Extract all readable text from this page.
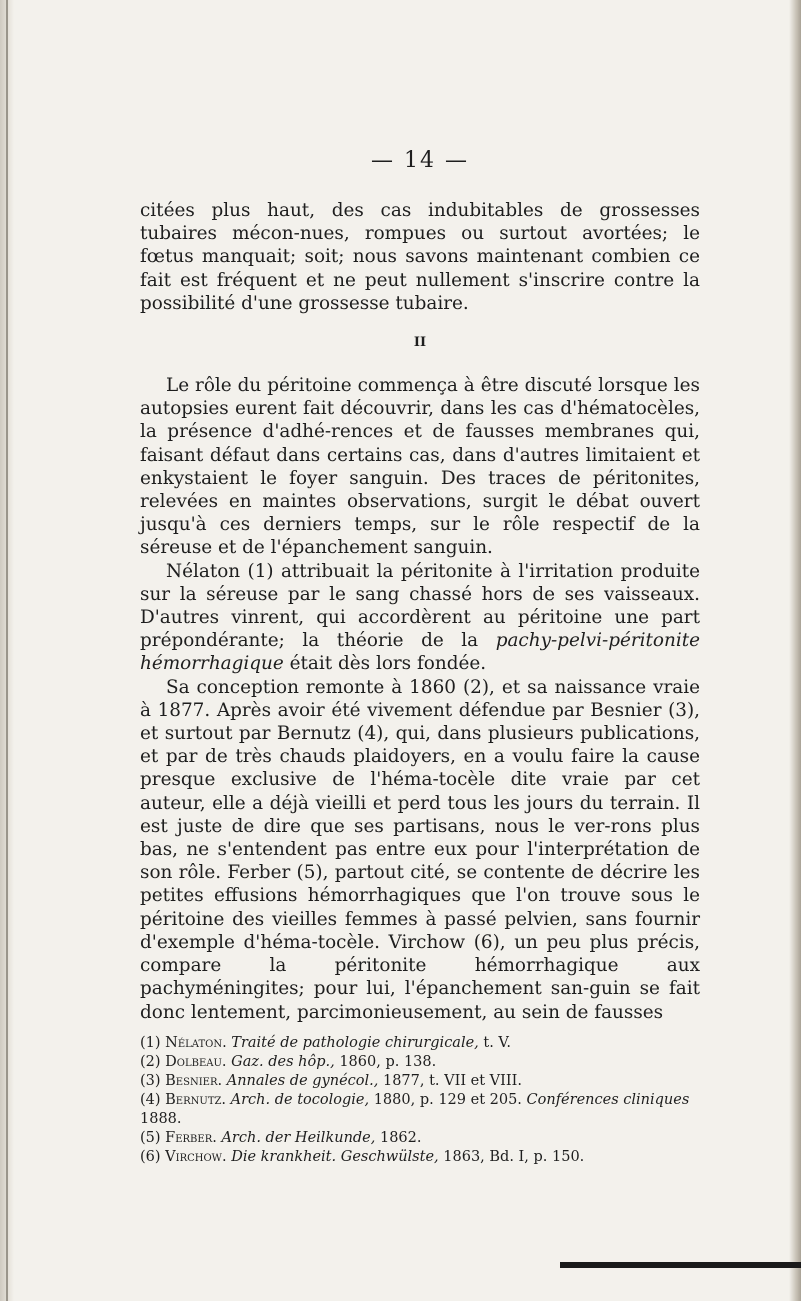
— 14 —

citées plus haut, des cas indubitables de grossesses tubaires mécon-nues, rompues ou surtout avortées; le fœtus manquait; soit; nous savons maintenant combien ce fait est fréquent et ne peut nullement s'inscrire contre la possibilité d'une grossesse tubaire.

II

Le rôle du péritoine commença à être discuté lorsque les autopsies eurent fait découvrir, dans les cas d'hématocèles, la présence d'adhé-rences et de fausses membranes qui, faisant défaut dans certains cas, dans d'autres limitaient et enkystaient le foyer sanguin. Des traces de péritonites, relevées en maintes observations, surgit le débat ouvert jusqu'à ces derniers temps, sur le rôle respectif de la séreuse et de l'épanchement sanguin.

Nélaton (1) attribuait la péritonite à l'irritation produite sur la séreuse par le sang chassé hors de ses vaisseaux. D'autres vinrent, qui accordèrent au péritoine une part prépondérante; la théorie de la pachy-pelvi-péritonite hémorrhagique était dès lors fondée.

Sa conception remonte à 1860 (2), et sa naissance vraie à 1877. Après avoir été vivement défendue par Besnier (3), et surtout par Bernutz (4), qui, dans plusieurs publications, et par de très chauds plaidoyers, en a voulu faire la cause presque exclusive de l'héma-tocèle dite vraie par cet auteur, elle a déjà vieilli et perd tous les jours du terrain. Il est juste de dire que ses partisans, nous le ver-rons plus bas, ne s'entendent pas entre eux pour l'interprétation de son rôle. Ferber (5), partout cité, se contente de décrire les petites effusions hémorrhagiques que l'on trouve sous le péritoine des vieilles femmes à passé pelvien, sans fournir d'exemple d'héma-tocèle. Virchow (6), un peu plus précis, compare la péritonite hémorrhagique aux pachyméningites; pour lui, l'épanchement san-guin se fait donc lentement, parcimonieusement, au sein de fausses

(1) Nélaton. Traité de pathologie chirurgicale, t. V.

(2) Dolbeau. Gaz. des hôp., 1860, p. 138.

(3) Besnier. Annales de gynécol., 1877, t. VII et VIII.

(4) Bernutz. Arch. de tocologie, 1880, p. 129 et 205. Conférences cliniques 1888.

(5) Ferber. Arch. der Heilkunde, 1862.

(6) Virchow. Die krankheit. Geschwülste, 1863, Bd. I, p. 150.
